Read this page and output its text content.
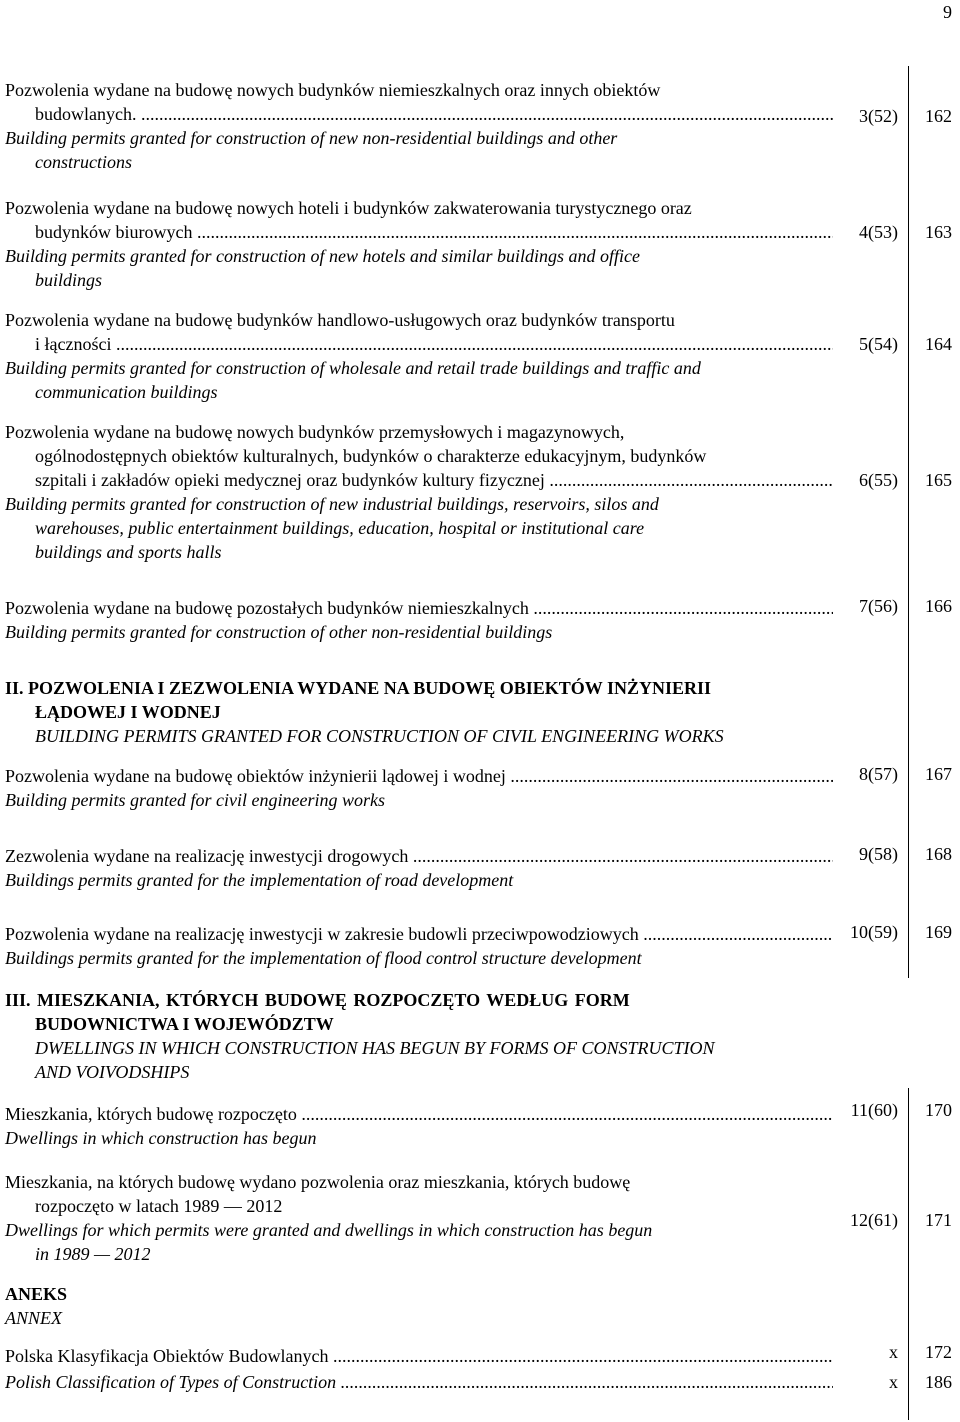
9
Pozwolenia wydane na budowę nowych budynków niemieszkalnych oraz innych obiektów
budowlanych. .....
Building permits granted for construction of new non-residential buildings and other
constructions
3(52)	162
Pozwolenia wydane na budowę nowych hoteli i budynków zakwaterowania turystycznego oraz
budynków biurowych .....
Building permits granted for construction of new hotels and similar buildings and office
buildings
4(53)	163
Pozwolenia wydane na budowę budynków handlowo-usługowych oraz budynków transportu
i łączności .....
Building permits granted for construction of wholesale and retail trade buildings and traffic and
communication buildings
5(54)	164
Pozwolenia wydane na budowę nowych budynków przemysłowych i magazynowych,
ogólnodostępnych obiektów kulturalnych, budynków o charakterze edukacyjnym, budynków
szpitali i zakładów opieki medycznej oraz budynków kultury fizycznej .....
Building permits granted for construction of new industrial buildings, reservoirs, silos and
warehouses, public entertainment buildings, education, hospital or institutional care
buildings and sports halls
6(55)	165
Pozwolenia wydane na budowę pozostałych budynków niemieszkalnych .....
Building permits granted for construction of other non-residential buildings
7(56)	166
II. POZWOLENIA I ZEZWOLENIA WYDANE NA BUDOWĘ OBIEKTÓW INŻYNIERII
ŁĄDOWEJ I WODNEJ
BUILDING PERMITS GRANTED FOR CONSTRUCTION OF CIVIL ENGINEERING WORKS
Pozwolenia wydane na budowę obiektów inżynierii lądowej i wodnej .....
Building permits granted for civil engineering works
8(57)	167
Zezwolenia wydane na realizację inwestycji drogowych .....
Buildings permits granted for the implementation of road development
9(58)	168
Pozwolenia wydane na realizację inwestycji w zakresie budowli przeciwpowodziowych .....
Buildings permits granted for the implementation of flood control structure development
10(59)	169
III. MIESZKANIA, KTÓRYCH BUDOWĘ ROZPOCZĘTO WEDŁUG FORM
BUDOWNICTWA I WOJEWÓDZTW
DWELLINGS IN WHICH CONSTRUCTION HAS BEGUN BY FORMS OF CONSTRUCTION
AND VOIVODSHIPS
Mieszkania, których budowę rozpoczęto .....
Dwellings in which construction has begun
11(60)	170
Mieszkania, na których budowę wydano pozwolenia oraz mieszkania, których budowę
rozpoczęto w latach 1989 — 2012
Dwellings for which permits were granted and dwellings in which construction has begun
in 1989 — 2012
12(61)	171
ANEKS
ANNEX
Polska Klasyfikacja Obiektów Budowlanych .....	x	172
Polish Classification of Types of Construction .....	x	186
